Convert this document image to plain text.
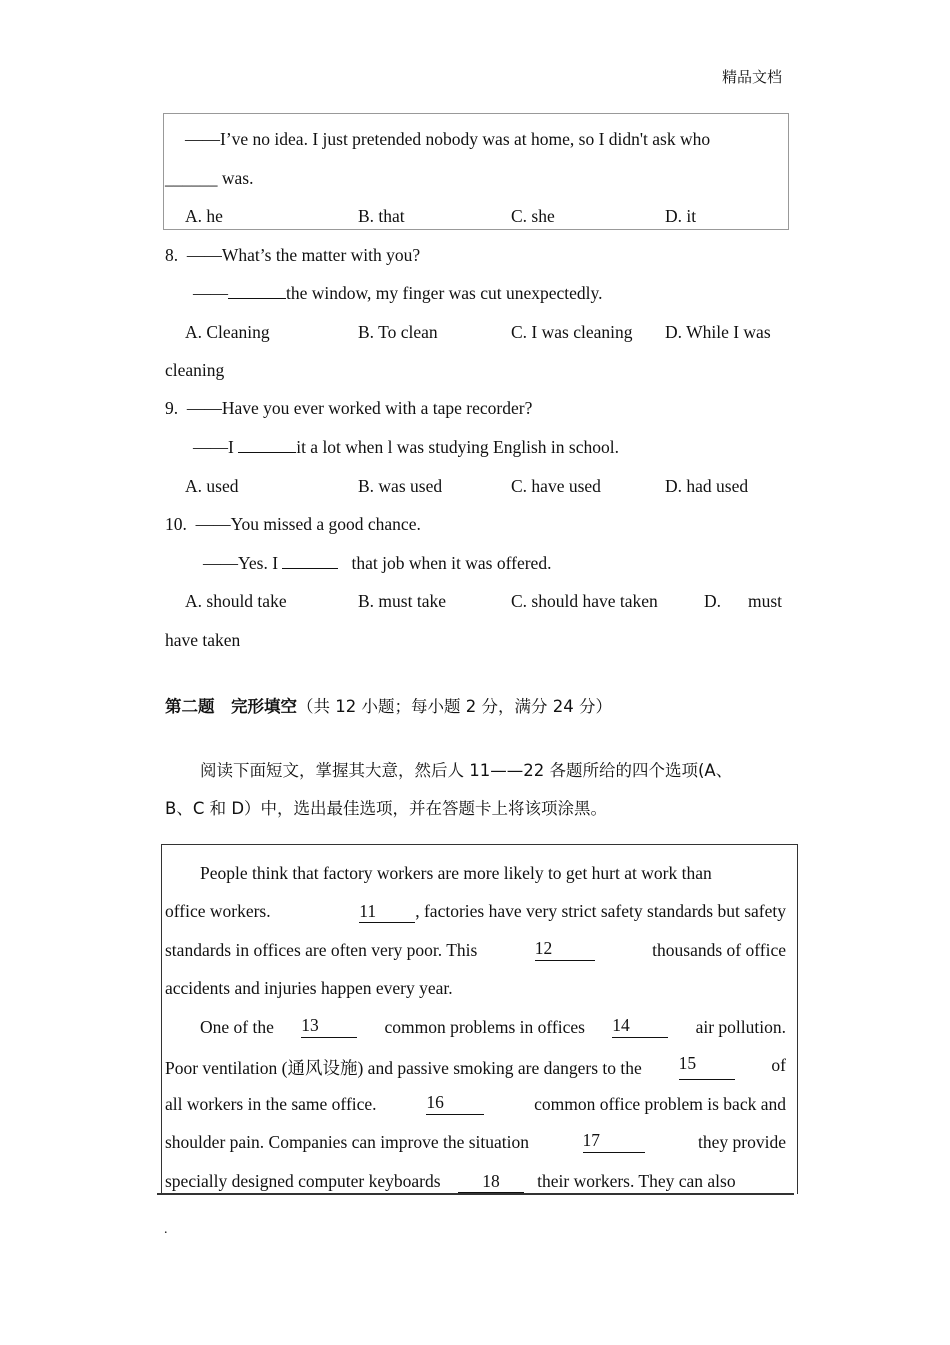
精品文档
——I’ve no idea. I just pretended nobody was at home, so I didn't ask who
______ was.
A. he	B. that	C. she	D. it
8. ——What’s the matter with you?
——	the window, my finger was cut unexpectedly.
A. Cleaning	B. To clean	C. I was cleaning D. While I was
cleaning
9. ——Have you ever worked with a tape recorder?
——I	it a lot when l was studying English in school.
A. used	B. was used	C. have used	D. had used
10. ——You missed a good chance.
——Yes. I	that job when it was offered.
A. should take	B. must take	C. should have taken	D. must
have taken
第二题　完形填空（共 12 小题；每小题 2 分，满分 24 分）
阅读下面短文，掌握其大意，然后人 11——22 各题所给的四个选项(A、
B、C 和 D）中，选出最佳选项，并在答题卡上将该项涂黑。
People think that factory workers are more likely to get hurt at work than
office workers.	11 , factories have very strict safety standards but safety
standards in offices are often very poor. This	12	thousands of office
accidents and injuries happen every year.
One of the 13	common problems in offices 14	air pollution.
Poor ventilation (通风设施) and passive smoking are dangers to the 15	of
all workers in the same office.	16	common office problem is back and
shoulder pain. Companies can improve the situation	17	they provide
specially designed computer keyboards 18 their workers. They can also
.
